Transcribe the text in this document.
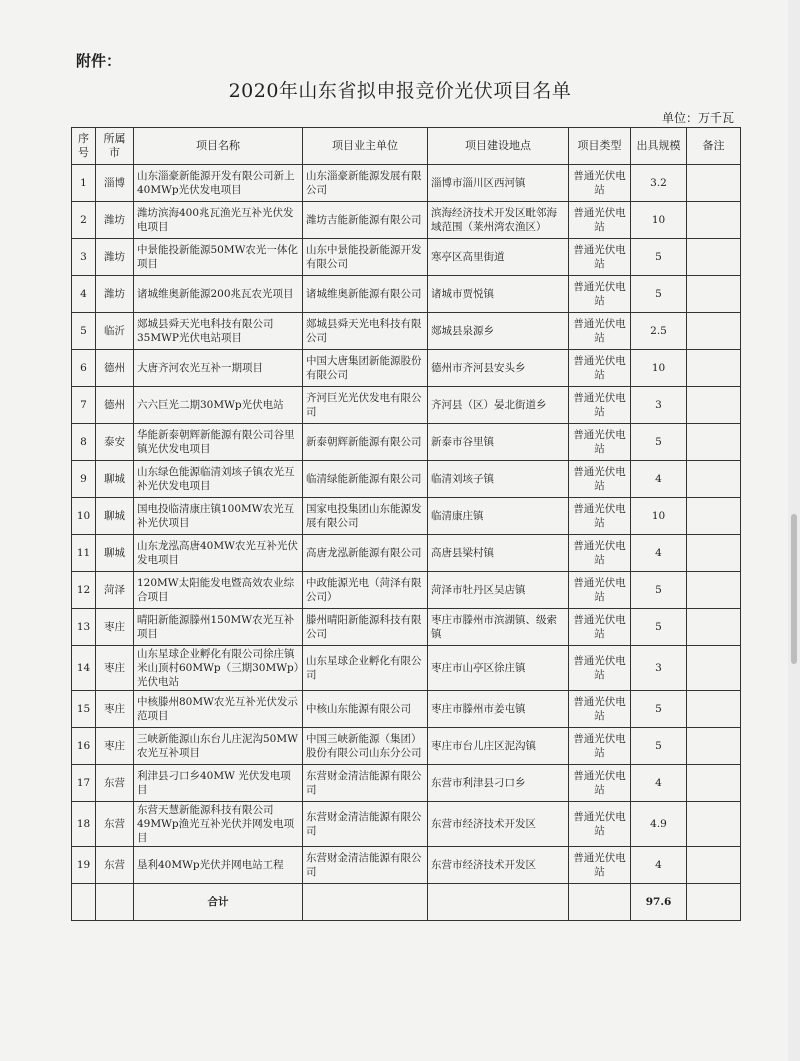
附件：
2020年山东省拟申报竞价光伏项目名单
单位：万千瓦
序号	所属市	项目名称	项目业主单位	项目建设地点	项目类型	出具规模	备注
1	淄博	山东淄豪新能源开发有限公司新上40MWp光伏发电项目	山东淄豪新能源发展有限公司	淄博市淄川区西河镇	普通光伏电站	3.2	
2	潍坊	潍坊滨海400兆瓦渔光互补光伏发电项目	潍坊吉能新能源有限公司	滨海经济技术开发区毗邻海域范围（莱州湾农渔区）	普通光伏电站	10	
3	潍坊	中景能投新能源50MW农光一体化项目	山东中景能投新能源开发有限公司	寒亭区高里街道	普通光伏电站	5	
4	潍坊	诸城维奥新能源200兆瓦农光项目	诸城维奥新能源有限公司	诸城市贾悦镇	普通光伏电站	5	
5	临沂	郯城县舜天光电科技有限公司35MWP光伏电站项目	郯城县舜天光电科技有限公司	郯城县泉源乡	普通光伏电站	2.5	
6	德州	大唐齐河农光互补一期项目	中国大唐集团新能源股份有限公司	德州市齐河县安头乡	普通光伏电站	10	
7	德州	六六巨光二期30MWp光伏电站	齐河巨光光伏发电有限公司	齐河县（区）晏北街道乡	普通光伏电站	3	
8	泰安	华能新泰朝辉新能源有限公司谷里镇光伏发电项目	新泰朝辉新能源有限公司	新泰市谷里镇	普通光伏电站	5	
9	聊城	山东绿色能源临清刘垓子镇农光互补光伏发电项目	临清绿能新能源有限公司	临清刘垓子镇	普通光伏电站	4	
10	聊城	国电投临清康庄镇100MW农光互补光伏项目	国家电投集团山东能源发展有限公司	临清康庄镇	普通光伏电站	10	
11	聊城	山东龙泓高唐40MW农光互补光伏发电项目	高唐龙泓新能源有限公司	高唐县梁村镇	普通光伏电站	4	
12	菏泽	120MW太阳能发电暨高效农业综合项目	中政能源光电（菏泽有限公司）	菏泽市牡丹区吴店镇	普通光伏电站	5	
13	枣庄	晴阳新能源滕州150MW农光互补项目	滕州晴阳新能源科技有限公司	枣庄市滕州市滨湖镇、级索镇	普通光伏电站	5	
14	枣庄	山东星球企业孵化有限公司徐庄镇米山顶村60MWp（三期30MWp）光伏电站	山东星球企业孵化有限公司	枣庄市山亭区徐庄镇	普通光伏电站	3	
15	枣庄	中核滕州80MW农光互补光伏发示范项目	中核山东能源有限公司	枣庄市滕州市姜屯镇	普通光伏电站	5	
16	枣庄	三峡新能源山东台儿庄泥沟50MW农光互补项目	中国三峡新能源（集团）股份有限公司山东分公司	枣庄市台儿庄区泥沟镇	普通光伏电站	5	
17	东营	利津县刁口乡40MW 光伏发电项目	东营财金清洁能源有限公司	东营市利津县刁口乡	普通光伏电站	4	
18	东营	东营天慧新能源科技有限公司49MWp渔光互补光伏并网发电项目	东营财金清洁能源有限公司	东营市经济技术开发区	普通光伏电站	4.9	
19	东营	垦利40MWp光伏并网电站工程	东营财金清洁能源有限公司	东营市经济技术开发区	普通光伏电站	4	
		合计				97.6	
